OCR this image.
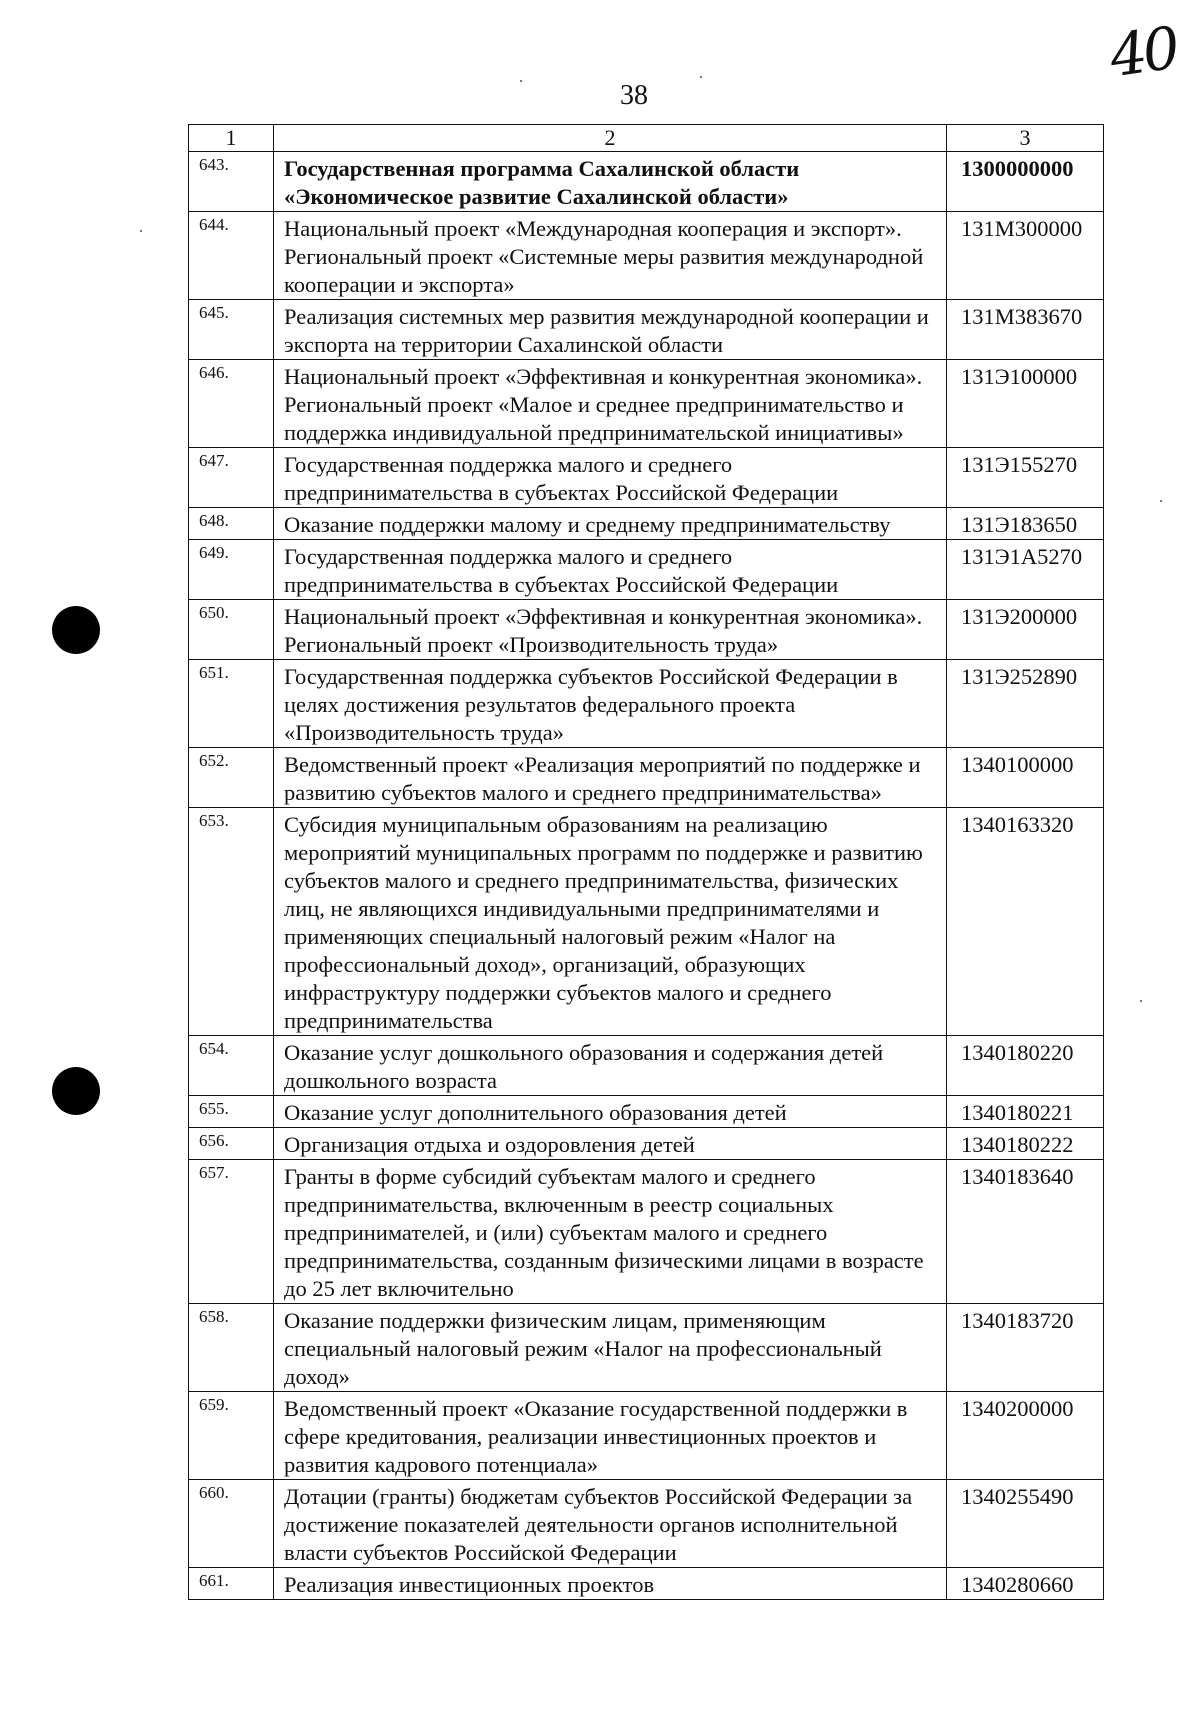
40
38
1	2	3
643.	Государственная программа Сахалинской области «Экономическое развитие Сахалинской области»	1300000000
644.	Национальный проект «Международная кооперация и экспорт». Региональный проект «Системные меры развития международной кооперации и экспорта»	131М300000
645.	Реализация системных мер развития международной кооперации и экспорта на территории Сахалинской области	131М383670
646.	Национальный проект «Эффективная и конкурентная экономика». Региональный проект «Малое и среднее предпринимательство и поддержка индивидуальной предпринимательской инициативы»	131Э100000
647.	Государственная поддержка малого и среднего предпринимательства в субъектах Российской Федерации	131Э155270
648.	Оказание поддержки малому и среднему предпринимательству	131Э183650
649.	Государственная поддержка малого и среднего предпринимательства в субъектах Российской Федерации	131Э1А5270
650.	Национальный проект «Эффективная и конкурентная экономика». Региональный проект «Производительность труда»	131Э200000
651.	Государственная поддержка субъектов Российской Федерации в целях достижения результатов федерального проекта «Производительность труда»	131Э252890
652.	Ведомственный проект «Реализация мероприятий по поддержке и развитию субъектов малого и среднего предпринимательства»	1340100000
653.	Субсидия муниципальным образованиям на реализацию мероприятий муниципальных программ по поддержке и развитию субъектов малого и среднего предпринимательства, физических лиц, не являющихся индивидуальными предпринимателями и применяющих специальный налоговый режим «Налог на профессиональный доход», организаций, образующих инфраструктуру поддержки субъектов малого и среднего предпринимательства	1340163320
654.	Оказание услуг дошкольного образования и содержания детей дошкольного возраста	1340180220
655.	Оказание услуг дополнительного образования детей	1340180221
656.	Организация отдыха и оздоровления детей	1340180222
657.	Гранты в форме субсидий субъектам малого и среднего предпринимательства, включенным в реестр социальных предпринимателей, и (или) субъектам малого и среднего предпринимательства, созданным физическими лицами в возрасте до 25 лет включительно	1340183640
658.	Оказание поддержки физическим лицам, применяющим специальный налоговый режим «Налог на профессиональный доход»	1340183720
659.	Ведомственный проект «Оказание государственной поддержки в сфере кредитования, реализации инвестиционных проектов и развития кадрового потенциала»	1340200000
660.	Дотации (гранты) бюджетам субъектов Российской Федерации за достижение показателей деятельности органов исполнительной власти субъектов Российской Федерации	1340255490
661.	Реализация инвестиционных проектов	1340280660
